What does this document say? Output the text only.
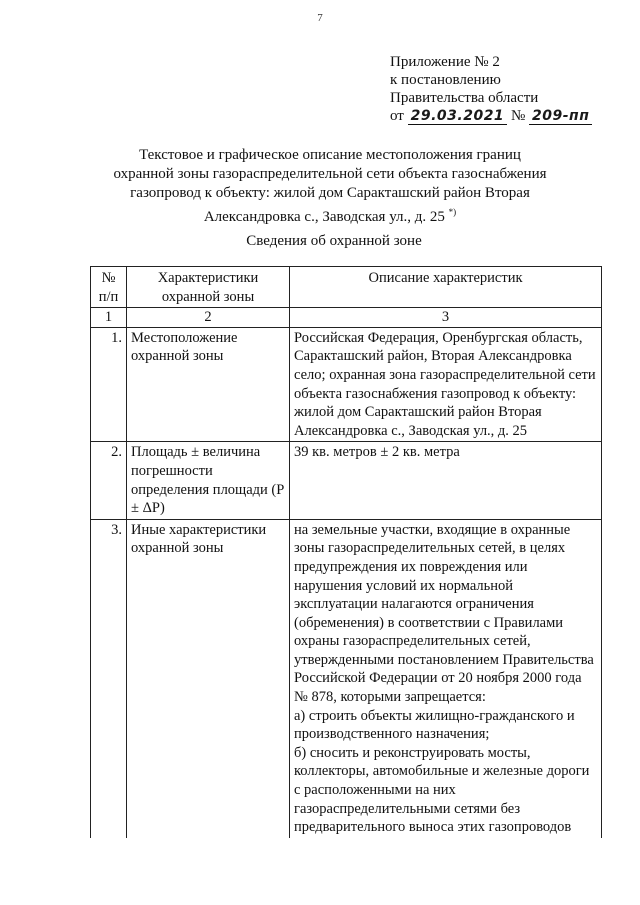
7
Приложение № 2
к постановлению
Правительства области
от 29.03.2021 № 209-пп
Текстовое и графическое описание местоположения границ
охранной зоны газораспределительной сети объекта газоснабжения
газопровод к объекту: жилой дом Саракташский район Вторая
Александровка с., Заводская ул., д. 25 *)
Сведения об охранной зоне
№ п/п	Характеристики охранной зоны	Описание характеристик
1	2	3
1.	Местоположение охранной зоны	Российская Федерация, Оренбургская область, Саракташский район, Вторая Александровка село; охранная зона газораспределительной сети объекта газоснабжения газопровод к объекту: жилой дом Саракташский район Вторая Александровка с., Заводская ул., д. 25
2.	Площадь ± величина погрешности определения площади (P ± ΔP)	39 кв. метров ± 2 кв. метра
3.	Иные характеристики охранной зоны	на земельные участки, входящие в охранные зоны газораспределительных сетей, в целях предупреждения их повреждения или нарушения условий их нормальной эксплуатации налагаются ограничения (обременения) в соответствии с Правилами охраны газораспределительных сетей, утвержденными постановлением Правительства Российской Федерации от 20 ноября 2000 года № 878, которыми запрещается:
а) строить объекты жилищно-гражданского и производственного назначения;
б) сносить и реконструировать мосты, коллекторы, автомобильные и железные дороги с расположенными на них газораспределительными сетями без предварительного выноса этих газопроводов
